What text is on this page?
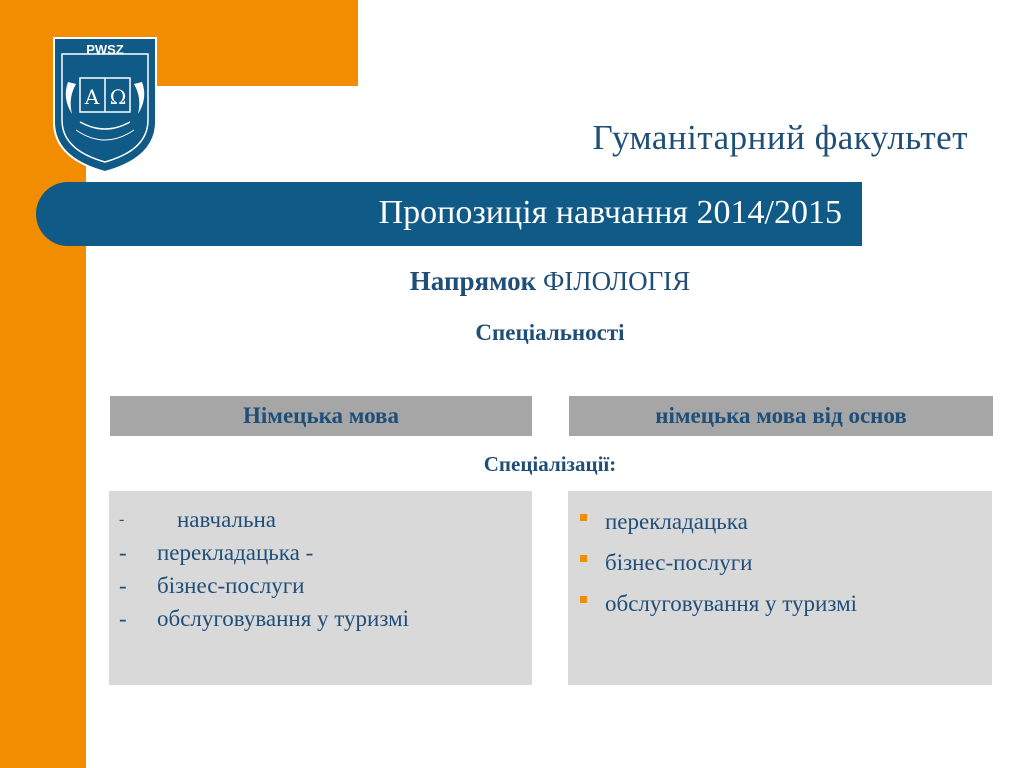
PWSZ
A Ω
Гуманітарний факультет
Пропозиція навчання 2014/2015
Напрямок ФІЛОЛОГІЯ
Спеціальності
Німецька мова	німецька мова від основ
Спеціалізації:
-	навчальна
-	перекладацька -
-	бізнес-послуги
-	обслуговування у туризмі
перекладацька
бізнес-послуги
обслуговування у туризмі
